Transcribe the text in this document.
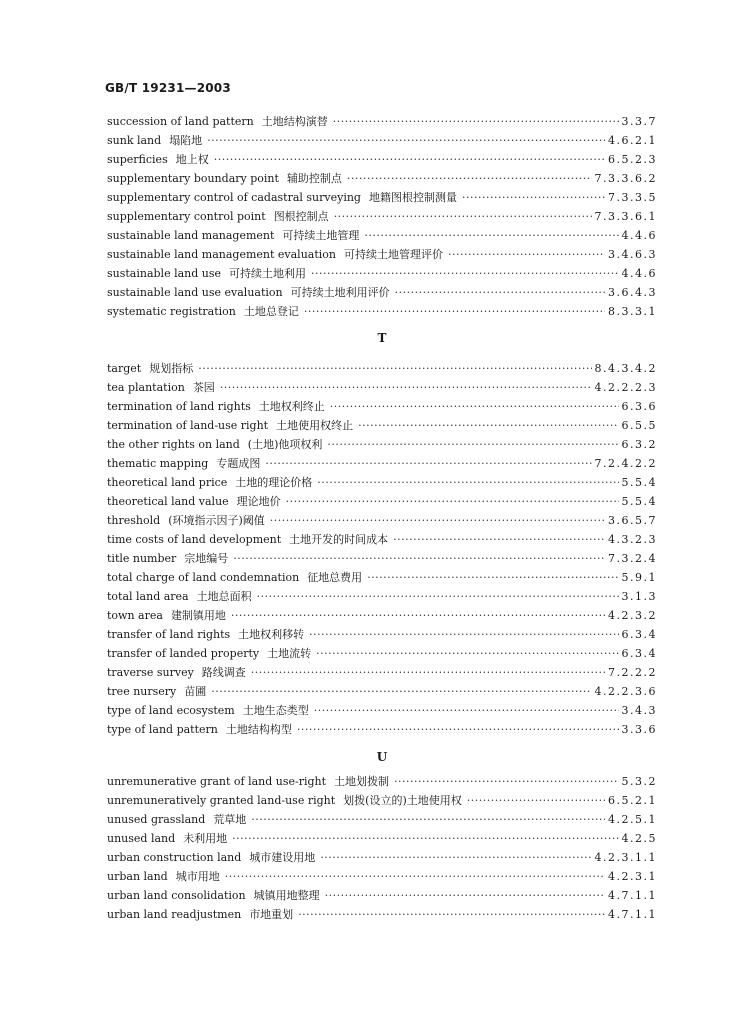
GB/T 19231—2003
succession of land pattern 土地结构演替 ·····	3.3.7
sunk land 塌陷地 ·····	4.6.2.1
superficies 地上权 ·····	6.5.2.3
supplementary boundary point 辅助控制点 ·····	7.3.3.6.2
supplementary control of cadastral surveying 地籍图根控制测量 ·····	7.3.3.5
supplementary control point 图根控制点 ·····	7.3.3.6.1
sustainable land management 可持续土地管理 ·····	4.4.6
sustainable land management evaluation 可持续土地管理评价 ·····	3.4.6.3
sustainable land use 可持续土地利用 ·····	4.4.6
sustainable land use evaluation 可持续土地利用评价 ·····	3.6.4.3
systematic registration 土地总登记 ·····	8.3.3.1
T
target 规划指标 ·····	8.4.3.4.2
tea plantation 茶园 ·····	4.2.2.2.3
termination of land rights 土地权利终止 ·····	6.3.6
termination of land-use right 土地使用权终止 ·····	6.5.5
the other rights on land (土地)他项权利 ·····	6.3.2
thematic mapping 专题成图 ·····	7.2.4.2.2
theoretical land price 土地的理论价格 ·····	5.5.4
theoretical land value 理论地价 ·····	5.5.4
threshold (环境指示因子)阈值 ·····	3.6.5.7
time costs of land development 土地开发的时间成本 ·····	4.3.2.3
title number 宗地编号 ·····	7.3.2.4
total charge of land condemnation 征地总费用 ·····	5.9.1
total land area 土地总面积 ·····	3.1.3
town area 建制镇用地 ·····	4.2.3.2
transfer of land rights 土地权利移转 ·····	6.3.4
transfer of landed property 土地流转 ·····	6.3.4
traverse survey 路线调查 ·····	7.2.2.2
tree nursery 苗圃 ·····	4.2.2.3.6
type of land ecosystem 土地生态类型 ·····	3.4.3
type of land pattern 土地结构构型 ·····	3.3.6
U
unremunerative grant of land use-right 土地划拨制 ·····	5.3.2
unremuneratively granted land-use right 划拨(设立的)土地使用权 ·····	6.5.2.1
unused grassland 荒草地 ·····	4.2.5.1
unused land 未利用地 ·····	4.2.5
urban construction land 城市建设用地 ·····	4.2.3.1.1
urban land 城市用地 ·····	4.2.3.1
urban land consolidation 城镇用地整理 ·····	4.7.1.1
urban land readjustmen 市地重划 ·····	4.7.1.1
